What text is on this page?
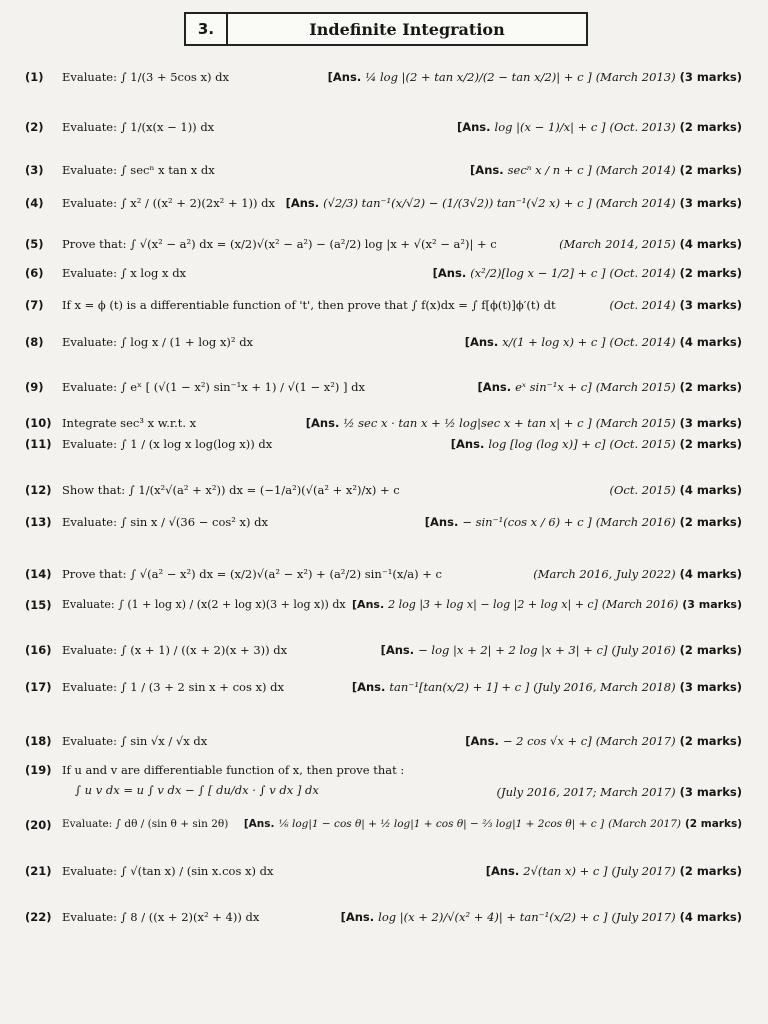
3.	Indefinite Integration
(1) Evaluate: ∫ 1/(3 + 5cos x) dx	[Ans. ¼ log |(2 + tan x/2)/(2 − tan x/2)| + c ] (March 2013) (3 marks)
(2) Evaluate: ∫ 1/(x(x − 1)) dx	[Ans. log |(x − 1)/x| + c ] (Oct. 2013) (2 marks)
(3) Evaluate: ∫ secⁿ x tan x dx	[Ans. secⁿ x / n + c ] (March 2014) (2 marks)
(4) Evaluate: ∫ x² / ((x² + 2)(2x² + 1)) dx [Ans. (√2/3) tan⁻¹(x/√2) − (1/(3√2)) tan⁻¹(√2 x) + c ] (March 2014) (3 marks)
(5) Prove that: ∫ √(x² − a²) dx = (x/2)√(x² − a²) − (a²/2) log |x + √(x² − a²)| + c	(March 2014, 2015) (4 marks)
(6) Evaluate: ∫ x log x dx	[Ans. (x²/2)[log x − 1/2] + c ] (Oct. 2014) (2 marks)
(7) If x = ϕ (t) is a differentiable function of 't', then prove that ∫ f(x)dx = ∫ f[ϕ(t)]ϕ′(t) dt	(Oct. 2014) (3 marks)
(8) Evaluate: ∫ log x / (1 + log x)² dx	[Ans. x/(1 + log x) + c ] (Oct. 2014) (4 marks)
(9) Evaluate: ∫ eˣ [ (√(1 − x²) sin⁻¹x + 1) / √(1 − x²) ] dx	[Ans. eˣ sin⁻¹x + c] (March 2015) (2 marks)
(10) Integrate sec³ x w.r.t. x	[Ans. ½ sec x · tan x + ½ log|sec x + tan x| + c ] (March 2015) (3 marks)
(11) Evaluate: ∫ 1 / (x log x log(log x)) dx	[Ans. log [log (log x)] + c] (Oct. 2015) (2 marks)
(12) Show that: ∫ 1/(x²√(a² + x²)) dx = (−1/a²)(√(a² + x²)/x) + c	(Oct. 2015) (4 marks)
(13) Evaluate: ∫ sin x / √(36 − cos² x) dx	[Ans. − sin⁻¹(cos x / 6) + c ] (March 2016) (2 marks)
(14) Prove that: ∫ √(a² − x²) dx = (x/2)√(a² − x²) + (a²/2) sin⁻¹(x/a) + c	(March 2016, July 2022) (4 marks)
(15) Evaluate: ∫ (1 + log x) / (x(2 + log x)(3 + log x)) dx [Ans. 2 log |3 + log x| − log |2 + log x| + c] (March 2016) (3 marks)
(16) Evaluate: ∫ (x + 1) / ((x + 2)(x + 3)) dx	[Ans. − log |x + 2| + 2 log |x + 3| + c] (July 2016) (2 marks)
(17) Evaluate: ∫ 1 / (3 + 2 sin x + cos x) dx	[Ans. tan⁻¹[tan(x/2) + 1] + c ] (July 2016, March 2018) (3 marks)
(18) Evaluate: ∫ sin √x / √x dx	[Ans. − 2 cos √x + c] (March 2017) (2 marks)
(19) If u and v are differentiable function of x, then prove that :
∫ u v dx = u ∫ v dx − ∫ [ du/dx · ∫ v dx ] dx	(July 2016, 2017; March 2017) (3 marks)
(20) Evaluate: ∫ dθ / (sin θ + sin 2θ) [Ans. ⅙ log|1 − cos θ| + ½ log|1 + cos θ| − ⅔ log|1 + 2cos θ| + c ] (March 2017) (2 marks)
(21) Evaluate: ∫ √(tan x) / (sin x.cos x) dx	[Ans. 2√(tan x) + c ] (July 2017) (2 marks)
(22) Evaluate: ∫ 8 / ((x + 2)(x² + 4)) dx	[Ans. log |(x + 2)/√(x² + 4)| + tan⁻¹(x/2) + c ] (July 2017) (4 marks)
